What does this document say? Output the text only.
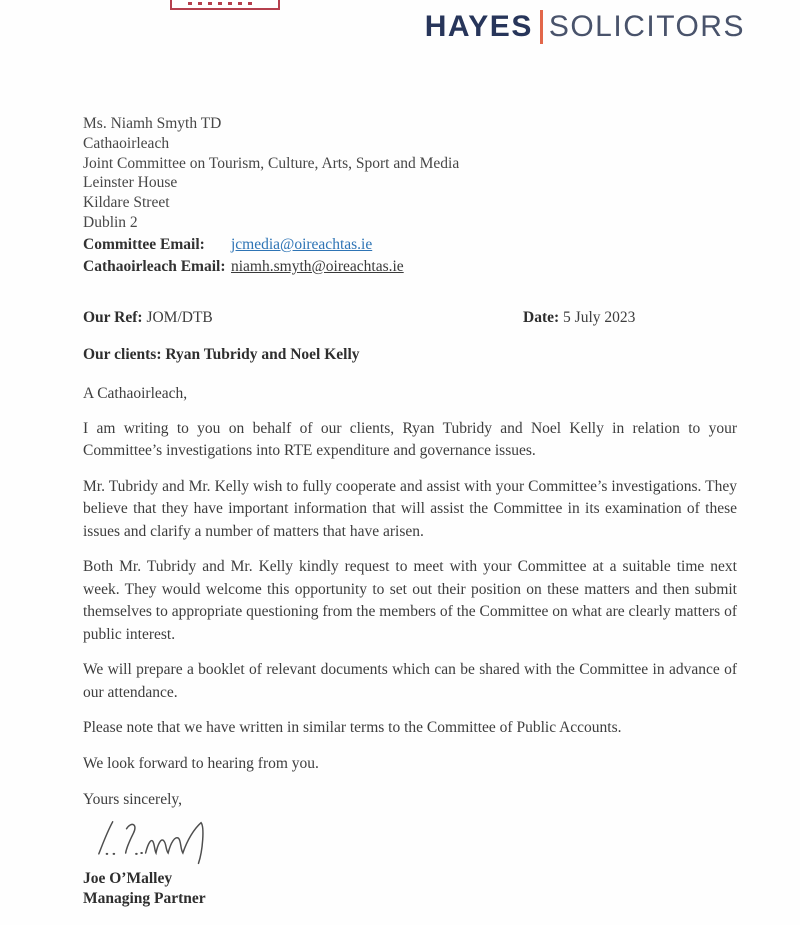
HAYES SOLICITORS
Ms. Niamh Smyth TD
Cathaoirleach
Joint Committee on Tourism, Culture, Arts, Sport and Media
Leinster House
Kildare Street
Dublin 2
Committee Email:	jcmedia@oireachtas.ie
Cathaoirleach Email: niamh.smyth@oireachtas.ie
Our Ref: JOM/DTB	Date: 5 July 2023
Our clients: Ryan Tubridy and Noel Kelly
A Cathaoirleach,

I am writing to you on behalf of our clients, Ryan Tubridy and Noel Kelly in relation to your Committee’s investigations into RTE expenditure and governance issues.

Mr. Tubridy and Mr. Kelly wish to fully cooperate and assist with your Committee’s investigations. They believe that they have important information that will assist the Committee in its examination of these issues and clarify a number of matters that have arisen.

Both Mr. Tubridy and Mr. Kelly kindly request to meet with your Committee at a suitable time next week. They would welcome this opportunity to set out their position on these matters and then submit themselves to appropriate questioning from the members of the Committee on what are clearly matters of public interest.

We will prepare a booklet of relevant documents which can be shared with the Committee in advance of our attendance.

Please note that we have written in similar terms to the Committee of Public Accounts.

We look forward to hearing from you.

Yours sincerely,
Joe O’Malley
Managing Partner
